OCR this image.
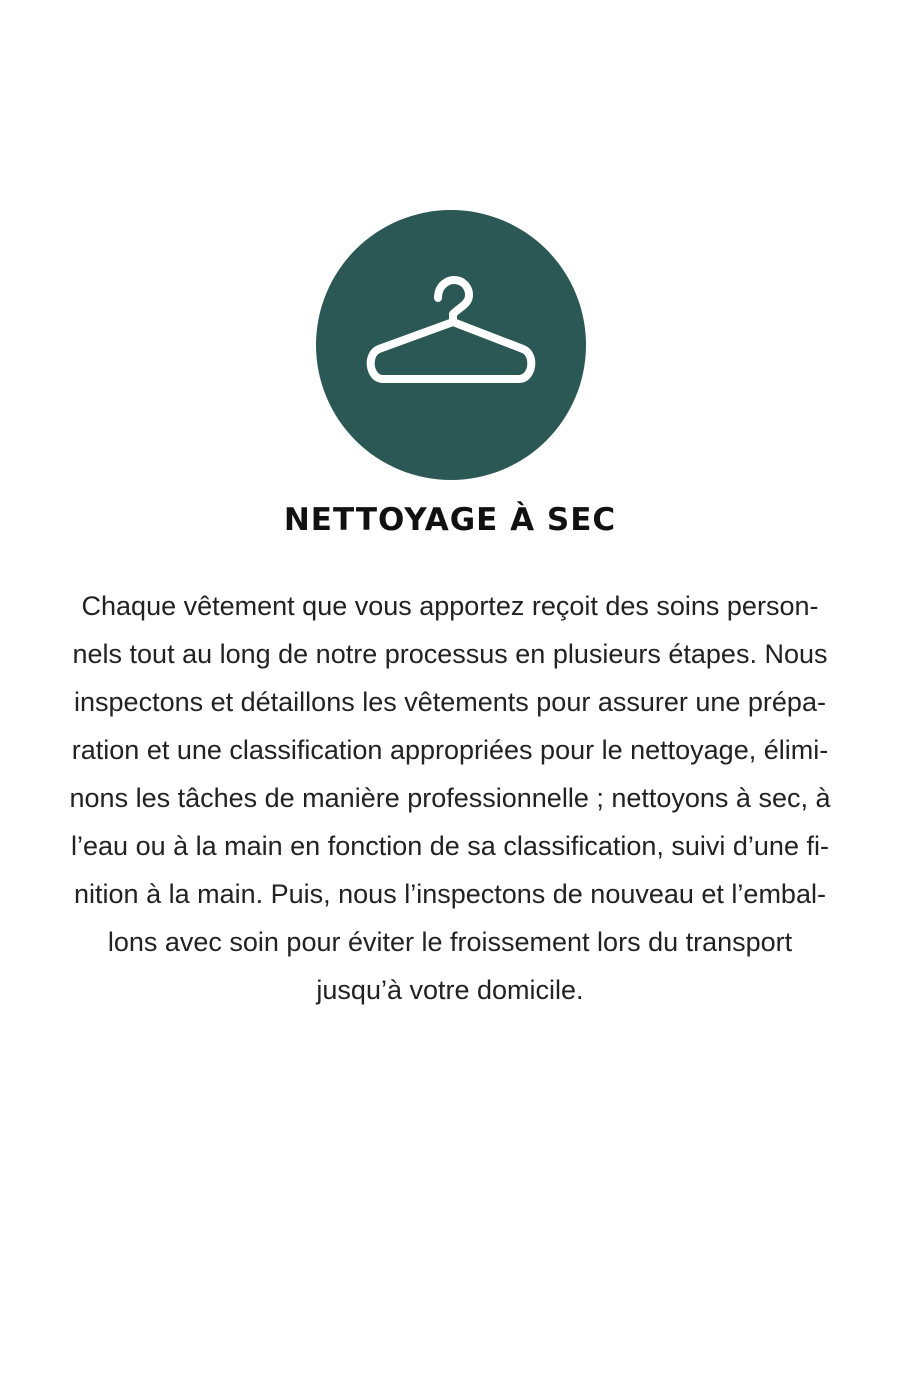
NETTOYAGE À SEC

Chaque vêtement que vous apportez reçoit des soins person-
nels tout au long de notre processus en plusieurs étapes. Nous
inspectons et détaillons les vêtements pour assurer une prépa-
ration et une classification appropriées pour le nettoyage, élimi-
nons les tâches de manière professionnelle ; nettoyons à sec, à
l’eau ou à la main en fonction de sa classification, suivi d’une fi-
nition à la main. Puis, nous l’inspectons de nouveau et l’embal-
lons avec soin pour éviter le froissement lors du transport
jusqu’à votre domicile.
